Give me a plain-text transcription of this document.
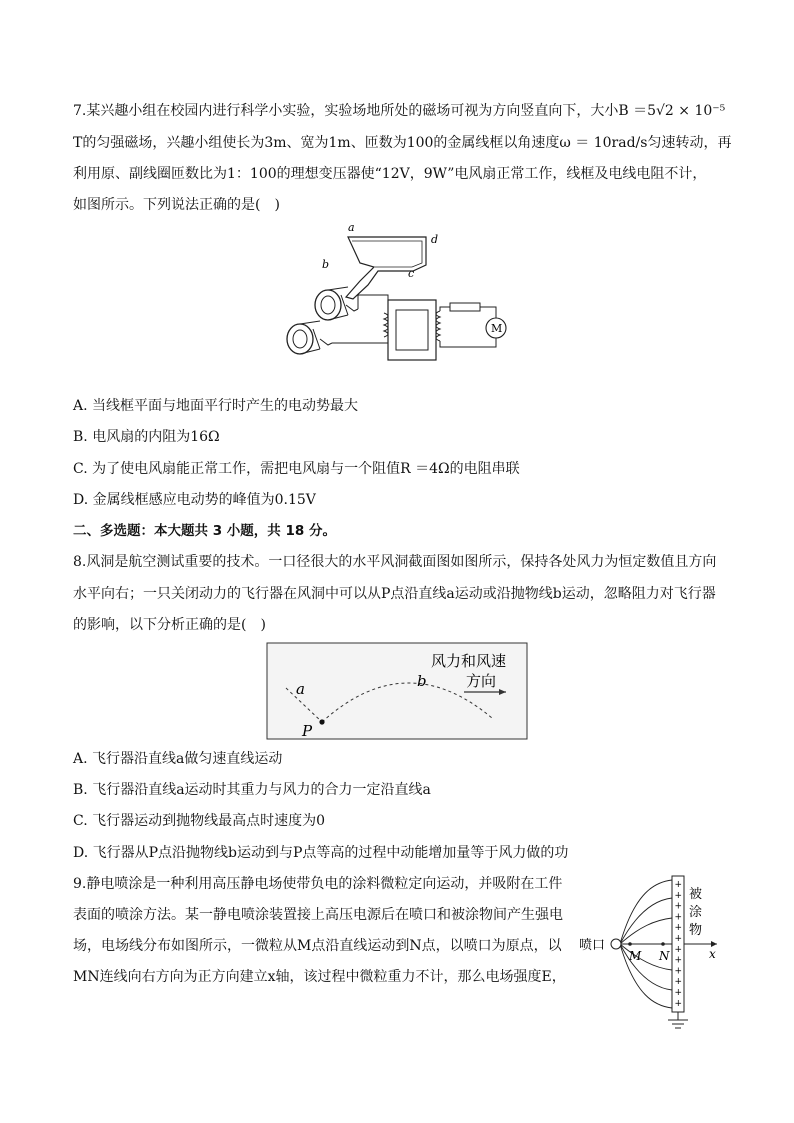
7.某兴趣小组在校园内进行科学小实验，实验场地所处的磁场可视为方向竖直向下，大小B ＝5√2 × 10⁻⁵
T的匀强磁场，兴趣小组使长为3m、宽为1m、匝数为100的金属线框以角速度ω ＝ 10rad/s匀速转动，再
利用原、副线圈匝数比为1：100的理想变压器使“12V，9W”电风扇正常工作，线框及电线电阻不计，
如图所示。下列说法正确的是(　)
a
d
b
c
M
A. 当线框平面与地面平行时产生的电动势最大
B. 电风扇的内阻为16Ω
C. 为了使电风扇能正常工作，需把电风扇与一个阻值R ＝4Ω的电阻串联
D. 金属线框感应电动势的峰值为0.15V
二、多选题：本大题共 3 小题，共 18 分。
8.风洞是航空测试重要的技术。一口径很大的水平风洞截面图如图所示，保持各处风力为恒定数值且方向
水平向右；一只关闭动力的飞行器在风洞中可以从P点沿直线a运动或沿抛物线b运动，忽略阻力对飞行器
的影响，以下分析正确的是(　)
风力和风速
方向
a	b
P
A. 飞行器沿直线a做匀速直线运动
B. 飞行器沿直线a运动时其重力与风力的合力一定沿直线a
C. 飞行器运动到抛物线最高点时速度为0
D. 飞行器从P点沿抛物线b运动到与P点等高的过程中动能增加量等于风力做的功
9.静电喷涂是一种利用高压静电场使带负电的涂料微粒定向运动，并吸附在工件
表面的喷涂方法。某一静电喷涂装置接上高压电源后在喷口和被涂物间产生强电
场，电场线分布如图所示，一微粒从M点沿直线运动到N点，以喷口为原点，以
MN连线向右方向为正方向建立x轴，该过程中微粒重力不计，那么电场强度E，
x
喷口
M N
+
+
+
+
+
+
+
+
+
+
+
+
被
涂
物
